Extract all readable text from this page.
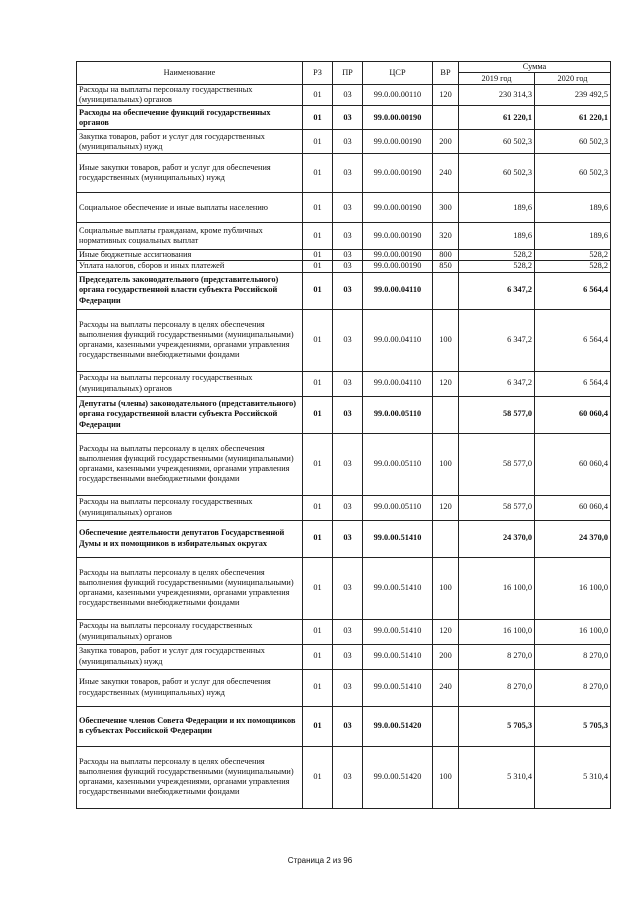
Наименование	РЗ	ПР	ЦСР	ВР	Сумма	
					2019 год	2020 год
Расходы на выплаты персоналу государственных (муниципальных) органов	01	03	99.0.00.00110	120	230 314,3	239 492,5
Расходы на обеспечение функций государственных органов	01	03	99.0.00.00190		61 220,1	61 220,1
Закупка товаров, работ и услуг для государственных (муниципальных) нужд	01	03	99.0.00.00190	200	60 502,3	60 502,3
Иные закупки товаров, работ и услуг для обеспечения государственных (муниципальных) нужд	01	03	99.0.00.00190	240	60 502,3	60 502,3
Социальное обеспечение и иные выплаты населению	01	03	99.0.00.00190	300	189,6	189,6
Социальные выплаты гражданам, кроме публичных нормативных социальных выплат	01	03	99.0.00.00190	320	189,6	189,6
Иные бюджетные ассигнования	01	03	99.0.00.00190	800	528,2	528,2
Уплата налогов, сборов и иных платежей	01	03	99.0.00.00190	850	528,2	528,2
Председатель законодательного (представительного) органа государственной власти субъекта Российской Федерации	01	03	99.0.00.04110		6 347,2	6 564,4
Расходы на выплаты персоналу в целях обеспечения выполнения функций государственными (муниципальными) органами, казенными учреждениями, органами управления государственными внебюджетными фондами	01	03	99.0.00.04110	100	6 347,2	6 564,4
Расходы на выплаты персоналу государственных (муниципальных) органов	01	03	99.0.00.04110	120	6 347,2	6 564,4
Депутаты (члены) законодательного (представительного) органа государственной власти субъекта Российской Федерации	01	03	99.0.00.05110		58 577,0	60 060,4
Расходы на выплаты персоналу в целях обеспечения выполнения функций государственными (муниципальными) органами, казенными учреждениями, органами управления государственными внебюджетными фондами	01	03	99.0.00.05110	100	58 577,0	60 060,4
Расходы на выплаты персоналу государственных (муниципальных) органов	01	03	99.0.00.05110	120	58 577,0	60 060,4
Обеспечение деятельности депутатов Государственной Думы и их помощников в избирательных округах	01	03	99.0.00.51410		24 370,0	24 370,0
Расходы на выплаты персоналу в целях обеспечения выполнения функций государственными (муниципальными) органами, казенными учреждениями, органами управления государственными внебюджетными фондами	01	03	99.0.00.51410	100	16 100,0	16 100,0
Расходы на выплаты персоналу государственных (муниципальных) органов	01	03	99.0.00.51410	120	16 100,0	16 100,0
Закупка товаров, работ и услуг для государственных (муниципальных) нужд	01	03	99.0.00.51410	200	8 270,0	8 270,0
Иные закупки товаров, работ и услуг для обеспечения государственных (муниципальных) нужд	01	03	99.0.00.51410	240	8 270,0	8 270,0
Обеспечение членов Совета Федерации и их помощников в субъектах Российской Федерации	01	03	99.0.00.51420		5 705,3	5 705,3
Расходы на выплаты персоналу в целях обеспечения выполнения функций государственными (муниципальными) органами, казенными учреждениями, органами управления государственными внебюджетными фондами	01	03	99.0.00.51420	100	5 310,4	5 310,4
Страница 2 из 96
